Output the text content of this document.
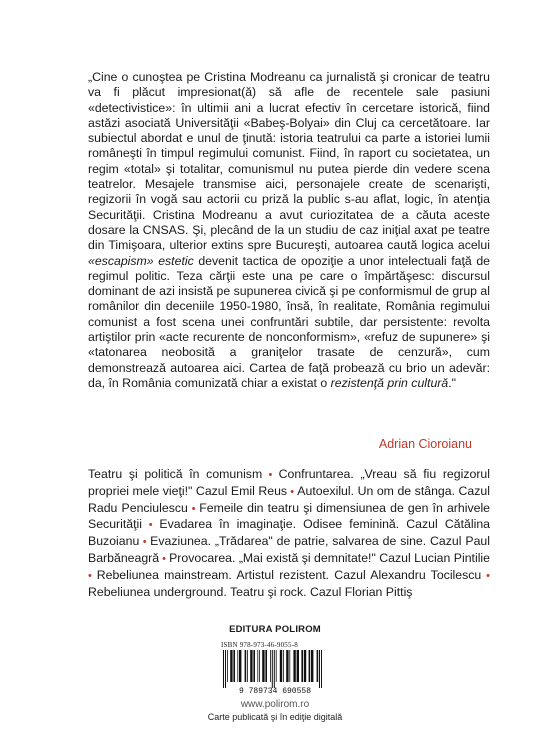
„Cine o cunoştea pe Cristina Modreanu ca jurnalistă şi cronicar de teatru va fi plăcut impresionat(ă) să afle de recentele sale pasiuni «detectivistice»: în ultimii ani a lucrat efectiv în cercetare istorică, fiind astăzi asociată Universităţii «Babeş-Bolyai» din Cluj ca cercetătoare. Iar subiectul abordat e unul de ţinută: istoria teatrului ca parte a istoriei lumii româneşti în timpul regimului comunist. Fiind, în raport cu societatea, un regim «total» şi totalitar, comunismul nu putea pierde din vedere scena teatrelor. Mesajele transmise aici, personajele create de scenarişti, regizorii în vogă sau actorii cu priză la public s-au aflat, logic, în atenţia Securităţii. Cristina Modreanu a avut curiozitatea de a căuta aceste dosare la CNSAS. Şi, plecând de la un studiu de caz iniţial axat pe teatre din Timişoara, ulterior extins spre Bucureşti, autoarea caută logica acelui «escapism» estetic devenit tactica de opoziţie a unor intelectuali faţă de regimul politic. Teza cărţii este una pe care o împărtăşesc: discursul dominant de azi insistă pe supunerea civică şi pe conformismul de grup al românilor din deceniile 1950-1980, însă, în realitate, România regimului comunist a fost scena unei confruntări subtile, dar persistente: revolta artiştilor prin «acte recurente de nonconformism», «refuz de supunere» şi «tatonarea neobosită a graniţelor trasate de cenzură», cum demonstrează autoarea aici. Cartea de faţă probează cu brio un adevăr: da, în România comunizată chiar a existat o rezistenţă prin cultură."

Adrian Cioroianu

Teatru şi politică în comunism • Confruntarea. „Vreau să fiu regizorul propriei mele vieţi!" Cazul Emil Reus • Autoexilul. Un om de stânga. Cazul Radu Penciulescu • Femeile din teatru şi dimensiunea de gen în arhivele Securităţii • Evadarea în imaginaţie. Odisee feminină. Cazul Cătălina Buzoianu • Evaziunea. „Trădarea" de patrie, salvarea de sine. Cazul Paul Barbăneagră • Provocarea. „Mai există şi demnitate!" Cazul Lucian Pintilie • Rebeliunea mainstream. Artistul rezistent. Cazul Alexandru Tocilescu • Rebeliunea underground. Teatru şi rock. Cazul Florian Pittiş

EDITURA POLIROM

ISBN 978-973-46-9055-8

9 789734 690558

www.polirom.ro

Carte publicată şi în ediţie digitală
